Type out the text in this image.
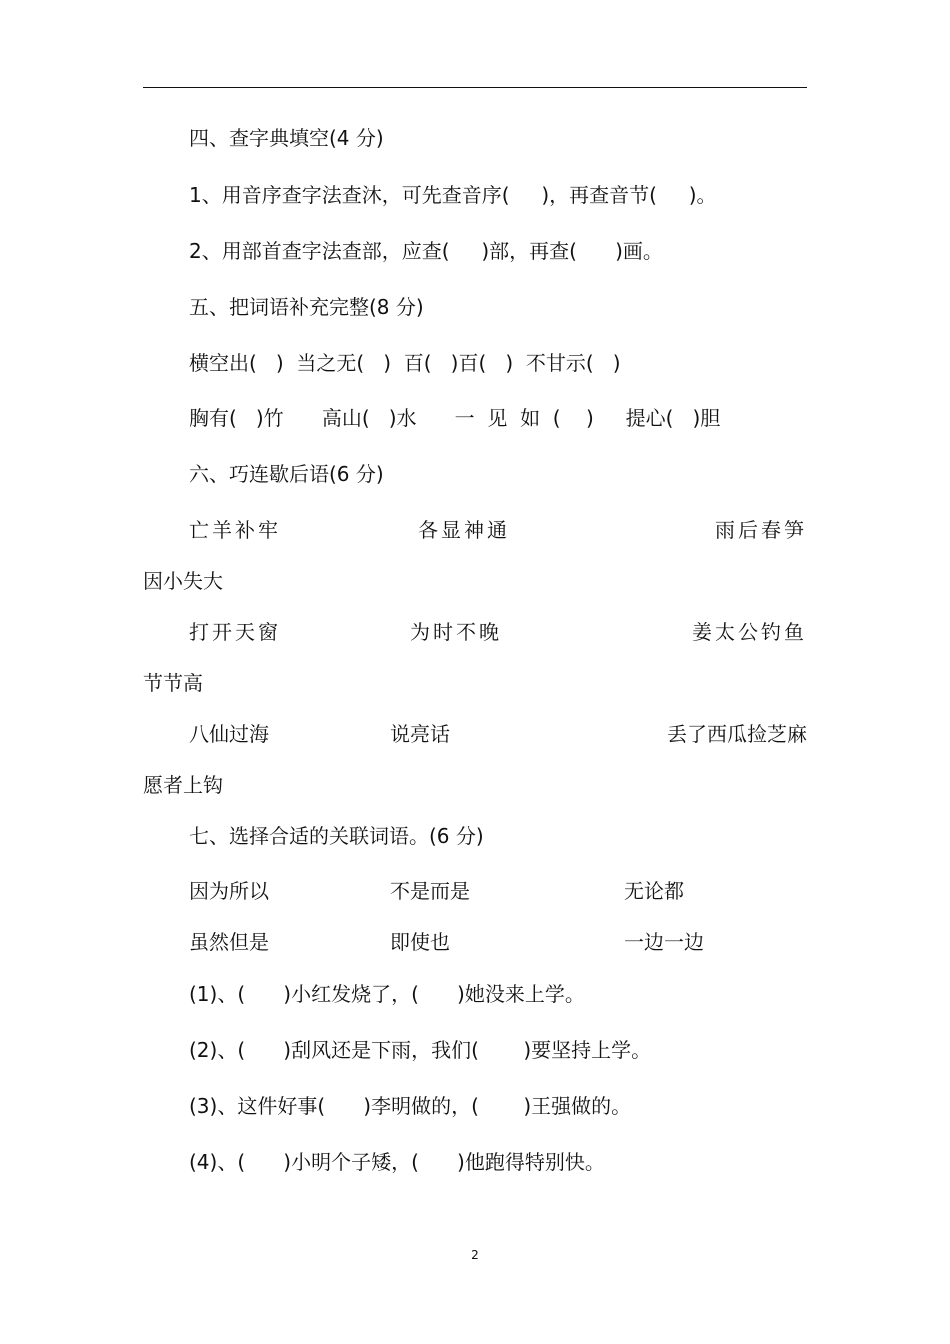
四、查字典填空(4 分)
1、用音序查字法查沐，可先查音序(     )，再查音节(     )。
2、用部首查字法查部，应查(     )部，再查(      )画。
五、把词语补充完整(8 分)
横空出(   )  当之无(   )  百(   )百(   )  不甘示(   )
胸有(   )竹      高山(   )水      一  见  如  (    )     提心(   )胆
六、巧连歇后语(6 分)
亡羊补牢	各显神通	雨后春笋
因小失大
打开天窗	为时不晚	姜太公钓鱼
节节高
八仙过海	说亮话	丢了西瓜捡芝麻
愿者上钩
七、选择合适的关联词语。(6 分)
因为所以	不是而是	无论都
虽然但是	即使也	一边一边
(1)、(      )小红发烧了，(      )她没来上学。
(2)、(      )刮风还是下雨，我们(       )要坚持上学。
(3)、这件好事(      )李明做的，(       )王强做的。
(4)、(      )小明个子矮，(      )他跑得特别快。
2
